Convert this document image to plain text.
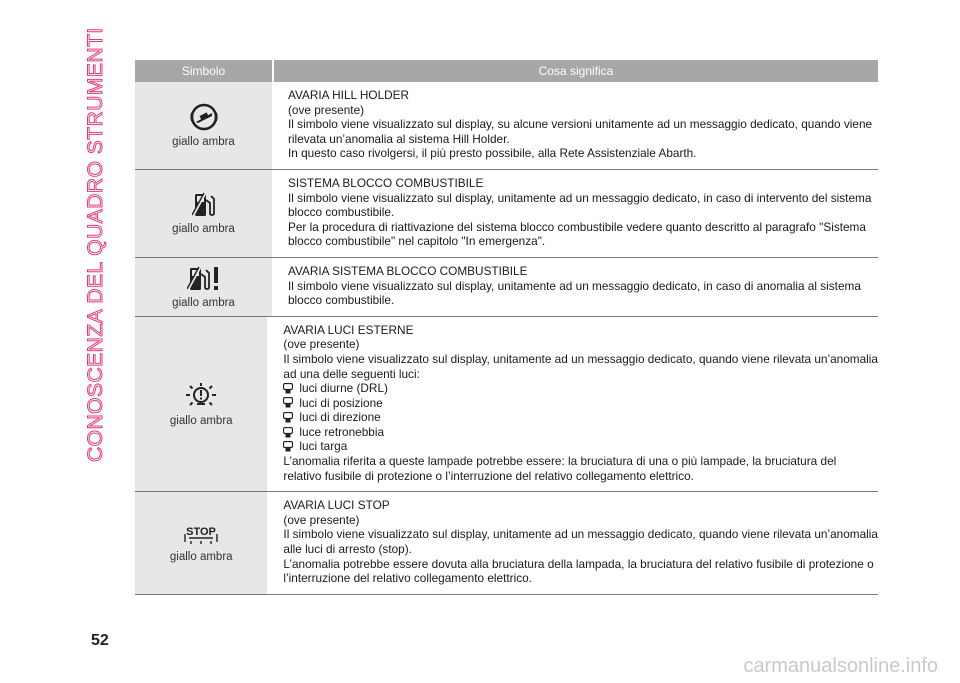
CONOSCENZA DEL QUADRO STRUMENTI
52
carmanualsonline.info
Simbolo	Cosa significa
giallo ambra
AVARIA HILL HOLDER
(ove presente)
Il simbolo viene visualizzato sul display, su alcune versioni unitamente ad un messaggio dedicato, quando viene
rilevata un’anomalia al sistema Hill Holder.
In questo caso rivolgersi, il più presto possibile, alla Rete Assistenziale Abarth.
giallo ambra
SISTEMA BLOCCO COMBUSTIBILE
Il simbolo viene visualizzato sul display, unitamente ad un messaggio dedicato, in caso di intervento del sistema
blocco combustibile.
Per la procedura di riattivazione del sistema blocco combustibile vedere quanto descritto al paragrafo "Sistema
blocco combustibile" nel capitolo "In emergenza".
giallo ambra
AVARIA SISTEMA BLOCCO COMBUSTIBILE
Il simbolo viene visualizzato sul display, unitamente ad un messaggio dedicato, in caso di anomalia al sistema
blocco combustibile.
giallo ambra
AVARIA LUCI ESTERNE
(ove presente)
Il simbolo viene visualizzato sul display, unitamente ad un messaggio dedicato, quando viene rilevata un’anomalia
ad una delle seguenti luci:
luci diurne (DRL)
luci di posizione
luci di direzione
luce retronebbia
luci targa
L’anomalia riferita a queste lampade potrebbe essere: la bruciatura di una o più lampade, la bruciatura del
relativo fusibile di protezione o l’interruzione del relativo collegamento elettrico.
STOP
giallo ambra
AVARIA LUCI STOP
(ove presente)
Il simbolo viene visualizzato sul display, unitamente ad un messaggio dedicato, quando viene rilevata un’anomalia
alle luci di arresto (stop).
L’anomalia potrebbe essere dovuta alla bruciatura della lampada, la bruciatura del relativo fusibile di protezione o
l’interruzione del relativo collegamento elettrico.
